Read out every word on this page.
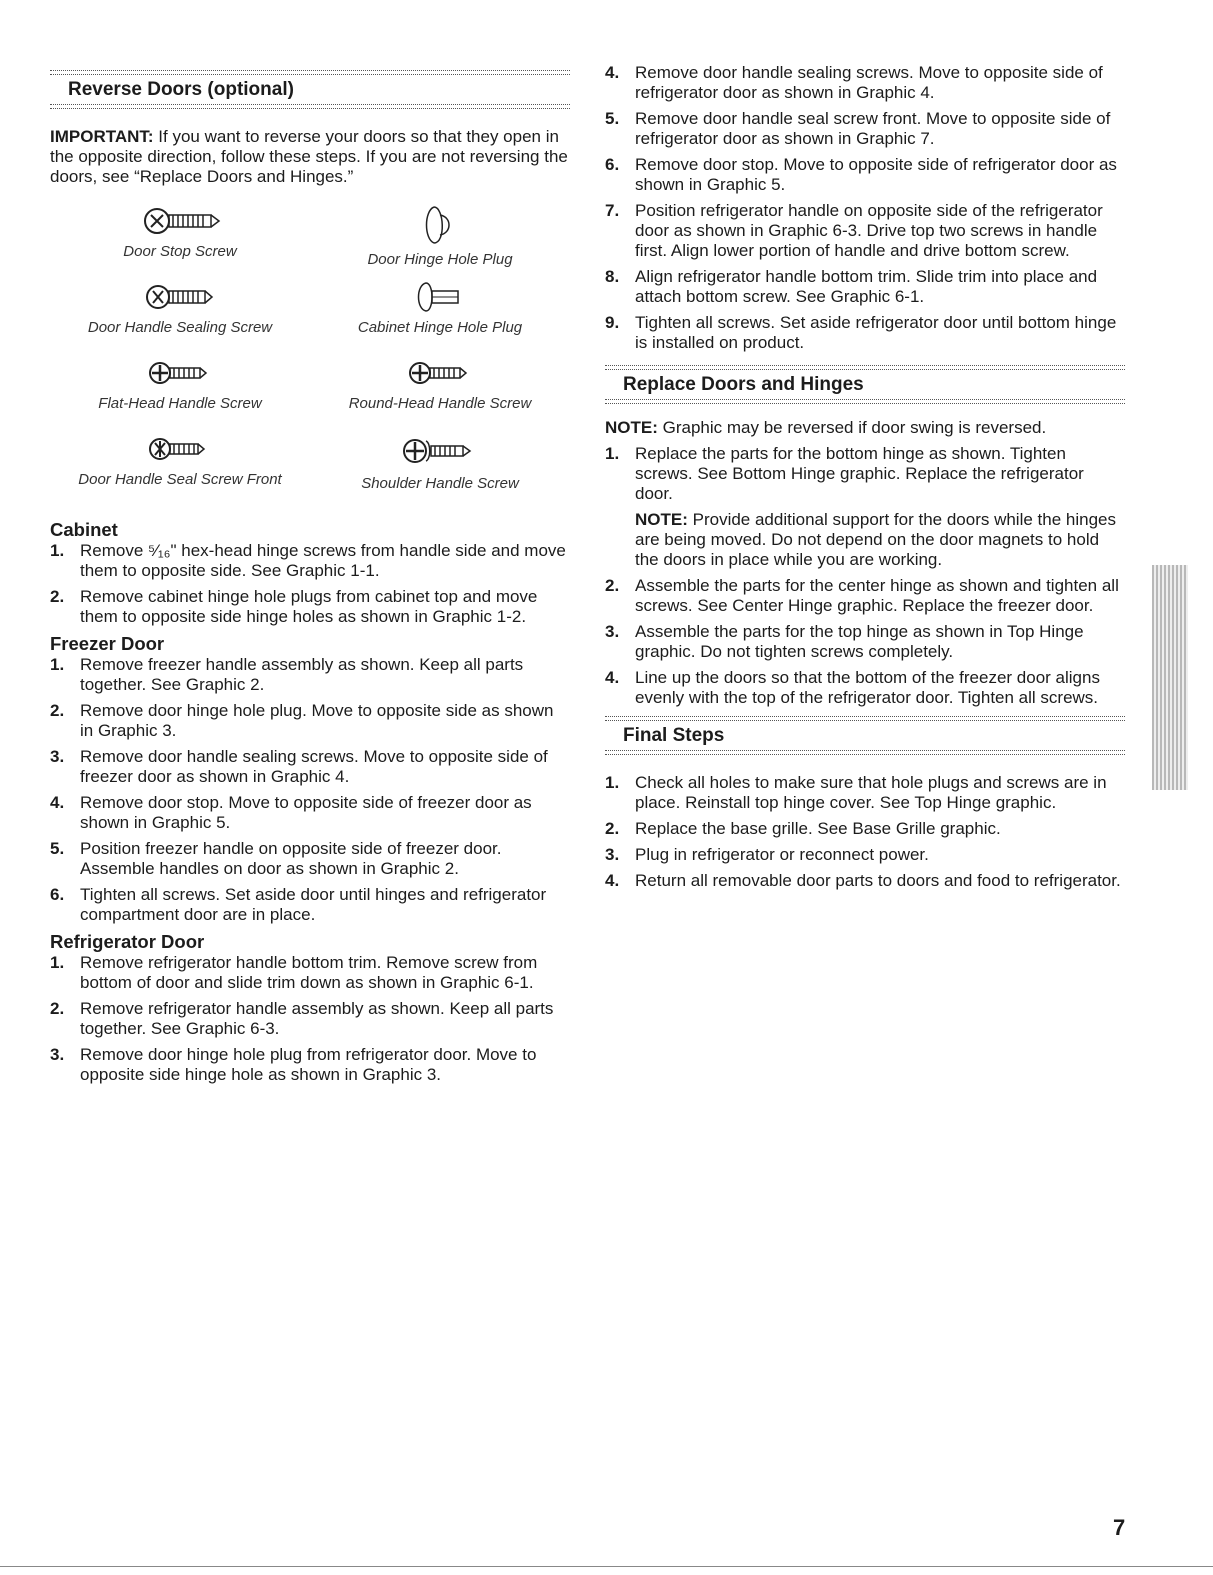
Reverse Doors (optional)

IMPORTANT: If you want to reverse your doors so that they open in the opposite direction, follow these steps. If you are not reversing the doors, see “Replace Doors and Hinges.”

Door Stop Screw	Door Hinge Hole Plug
Door Handle Sealing Screw	Cabinet Hinge Hole Plug
Flat-Head Handle Screw	Round-Head Handle Screw
Door Handle Seal Screw Front	Shoulder Handle Screw
Cabinet
1. Remove ⁵⁄₁₆" hex-head hinge screws from handle side and move them to opposite side. See Graphic 1-1.
2. Remove cabinet hinge hole plugs from cabinet top and move them to opposite side hinge holes as shown in Graphic 1-2.
Freezer Door
1. Remove freezer handle assembly as shown. Keep all parts together. See Graphic 2.
2. Remove door hinge hole plug. Move to opposite side as shown in Graphic 3.
3. Remove door handle sealing screws. Move to opposite side of freezer door as shown in Graphic 4.
4. Remove door stop. Move to opposite side of freezer door as shown in Graphic 5.
5. Position freezer handle on opposite side of freezer door. Assemble handles on door as shown in Graphic 2.
6. Tighten all screws. Set aside door until hinges and refrigerator compartment door are in place.
Refrigerator Door
1. Remove refrigerator handle bottom trim. Remove screw from bottom of door and slide trim down as shown in Graphic 6-1.
2. Remove refrigerator handle assembly as shown. Keep all parts together. See Graphic 6-3.
3. Remove door hinge hole plug from refrigerator door. Move to opposite side hinge hole as shown in Graphic 3.
4. Remove door handle sealing screws. Move to opposite side of refrigerator door as shown in Graphic 4.
5. Remove door handle seal screw front. Move to opposite side of refrigerator door as shown in Graphic 7.
6. Remove door stop. Move to opposite side of refrigerator door as shown in Graphic 5.
7. Position refrigerator handle on opposite side of the refrigerator door as shown in Graphic 6-3. Drive top two screws in handle first. Align lower portion of handle and drive bottom screw.
8. Align refrigerator handle bottom trim. Slide trim into place and attach bottom screw. See Graphic 6-1.
9. Tighten all screws. Set aside refrigerator door until bottom hinge is installed on product.
Replace Doors and Hinges

NOTE: Graphic may be reversed if door swing is reversed.

1. Replace the parts for the bottom hinge as shown. Tighten screws. See Bottom Hinge graphic. Replace the refrigerator door.

NOTE: Provide additional support for the doors while the hinges are being moved. Do not depend on the door magnets to hold the doors in place while you are working.

2. Assemble the parts for the center hinge as shown and tighten all screws. See Center Hinge graphic. Replace the freezer door.
3. Assemble the parts for the top hinge as shown in Top Hinge graphic. Do not tighten screws completely.
4. Line up the doors so that the bottom of the freezer door aligns evenly with the top of the refrigerator door. Tighten all screws.
Final Steps
1. Check all holes to make sure that hole plugs and screws are in place. Reinstall top hinge cover. See Top Hinge graphic.
2. Replace the base grille. See Base Grille graphic.
3. Plug in refrigerator or reconnect power.
4. Return all removable door parts to doors and food to refrigerator.
7
